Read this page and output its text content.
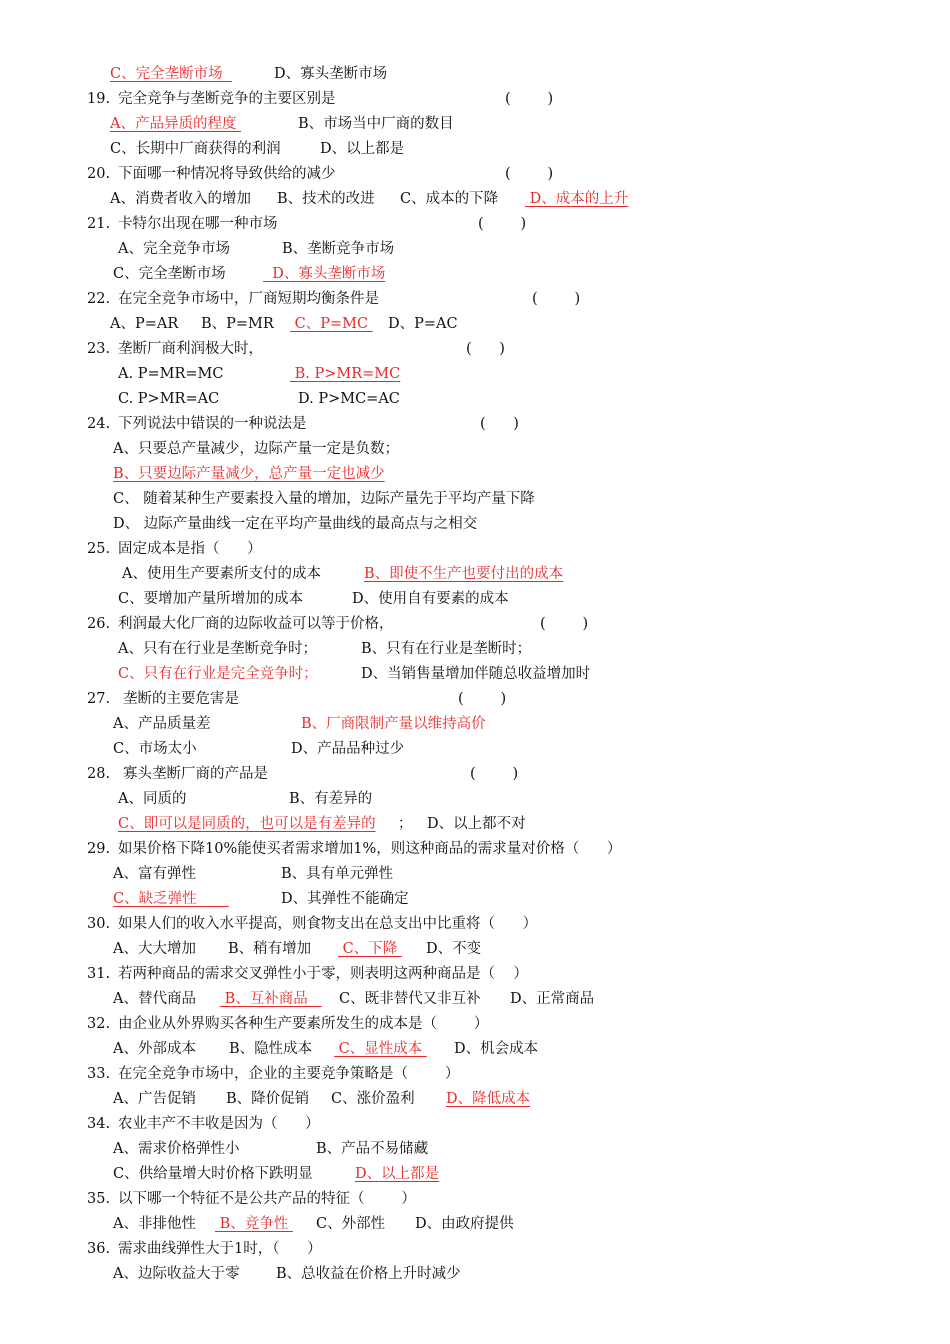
C、完全垄断市场	D、寡头垄断市场
19. 完全竞争与垄断竞争的主要区别是	(        )
A、产品异质的程度	B、市场当中厂商的数目
C、长期中厂商获得的利润	D、以上都是
20. 下面哪一种情况将导致供给的减少	(        )
A、消费者收入的增加 B、技术的改进 C、成本的下降 D、成本的上升
21. 卡特尔出现在哪一种市场	(        )
A、完全竞争市场	B、垄断竞争市场
C、完全垄断市场	D、寡头垄断市场
22. 在完全竞争市场中，厂商短期均衡条件是	(        )
A、P=AR B、P=MR C、P=MC D、P=AC
23. 垄断厂商利润极大时，	(      )
A. P=MR=MC	B. P>MR=MC
C. P>MR=AC	D. P>MC=AC
24. 下列说法中错误的一种说法是	(      )
A、只要总产量减少，边际产量一定是负数；
B、只要边际产量减少，总产量一定也减少
C、 随着某种生产要素投入量的增加，边际产量先于平均产量下降
D、 边际产量曲线一定在平均产量曲线的最高点与之相交
25. 固定成本是指（      ）
A、使用生产要素所支付的成本	B、即使不生产也要付出的成本
C、要增加产量所增加的成本	D、使用自有要素的成本
26. 利润最大化厂商的边际收益可以等于价格，	(        )
A、只有在行业是垄断竞争时；	B、只有在行业是垄断时；
C、只有在行业是完全竞争时；	D、当销售量增加伴随总收益增加时
27. 垄断的主要危害是	(        )
A、产品质量差	B、厂商限制产量以维持高价
C、市场太小	D、产品品种过少
28. 寡头垄断厂商的产品是	(        )
A、同质的	B、有差异的
C、即可以是同质的，也可以是有差异的 ； D、以上都不对
29. 如果价格下降10%能使买者需求增加1%，则这种商品的需求量对价格（      ）
A、富有弹性	B、具有单元弹性
C、缺乏弹性	D、其弹性不能确定
30. 如果人们的收入水平提高，则食物支出在总支出中比重将（      ）
A、大大增加 B、稍有增加 C、下降 D、不变
31. 若两种商品的需求交叉弹性小于零，则表明这两种商品是（    ）
A、替代商品 B、互补商品 C、既非替代又非互补 D、正常商品
32. 由企业从外界购买各种生产要素所发生的成本是（        ）
A、外部成本 B、隐性成本 C、显性成本 D、机会成本
33. 在完全竞争市场中，企业的主要竞争策略是（        ）
A、广告促销 B、降价促销 C、涨价盈利 D、降低成本
34. 农业丰产不丰收是因为（      ）
A、需求价格弹性小	B、产品不易储藏
C、供给量增大时价格下跌明显	D、以上都是
35. 以下哪一个特征不是公共产品的特征（        ）
A、非排他性 B、竞争性 C、外部性 D、由政府提供
36. 需求曲线弹性大于1时，（      ）
A、边际收益大于零	B、总收益在价格上升时减少
